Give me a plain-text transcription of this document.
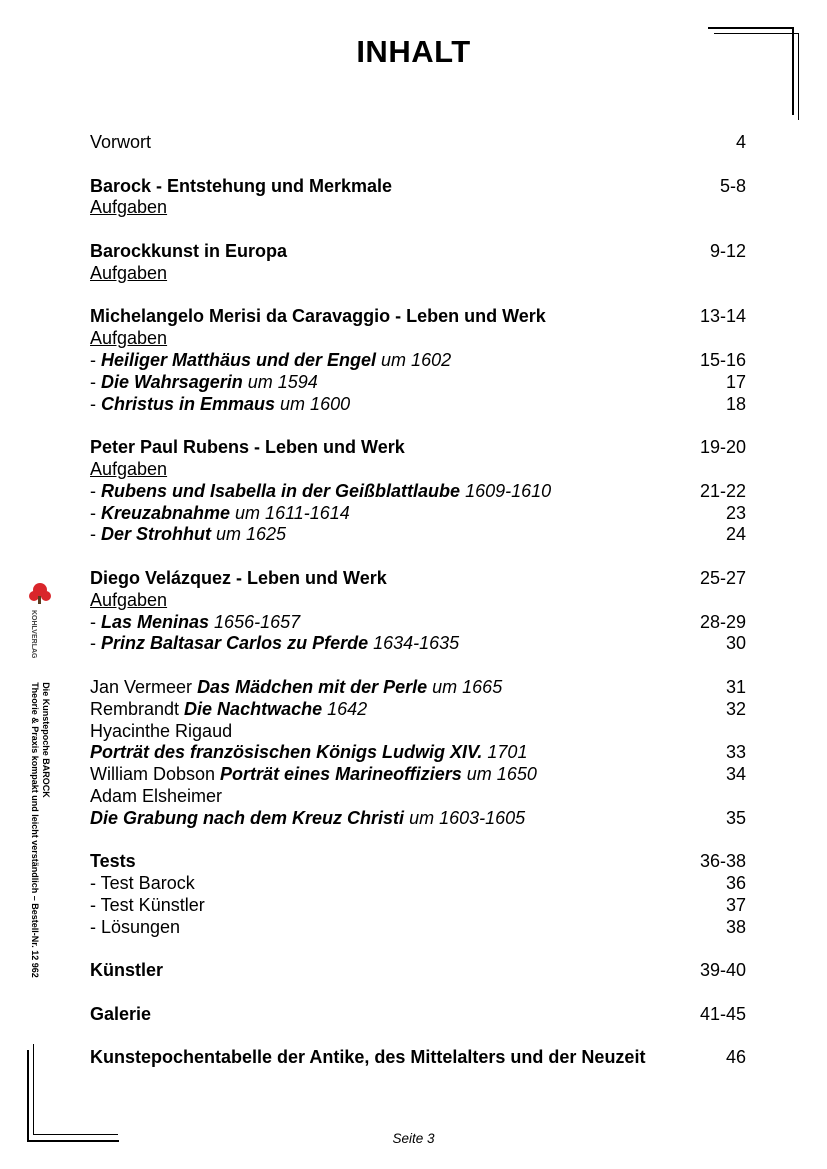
INHALT
KOHLVERLAG
Die Kunstepoche BAROCK
Theorie & Praxis kompakt und leicht verständlich – Bestell-Nr. 12 962
Vorwort	4
Barock - Entstehung und Merkmale	5-8
Aufgaben
Barockkunst in Europa	9-12
Aufgaben
Michelangelo Merisi da Caravaggio - Leben und Werk	13-14
Aufgaben
- Heiliger Matthäus und der Engel um 1602	15-16
- Die Wahrsagerin um 1594	17
- Christus in Emmaus um 1600	18
Peter Paul Rubens - Leben und Werk	19-20
Aufgaben
- Rubens und Isabella in der Geißblattlaube 1609-1610	21-22
- Kreuzabnahme um 1611-1614	23
- Der Strohhut um 1625	24
Diego Velázquez - Leben und Werk	25-27
Aufgaben
- Las Meninas 1656-1657	28-29
- Prinz Baltasar Carlos zu Pferde 1634-1635	30
Jan Vermeer Das Mädchen mit der Perle um 1665	31
Rembrandt Die Nachtwache 1642	32
Hyacinthe Rigaud
Porträt des französischen Königs Ludwig XIV. 1701	33
William Dobson Porträt eines Marineoffiziers um 1650	34
Adam Elsheimer
Die Grabung nach dem Kreuz Christi um 1603-1605	35
Tests	36-38
- Test Barock	36
- Test Künstler	37
- Lösungen	38
Künstler	39-40
Galerie	41-45
Kunstepochentabelle der Antike, des Mittelalters und der Neuzeit	46
Seite 3
